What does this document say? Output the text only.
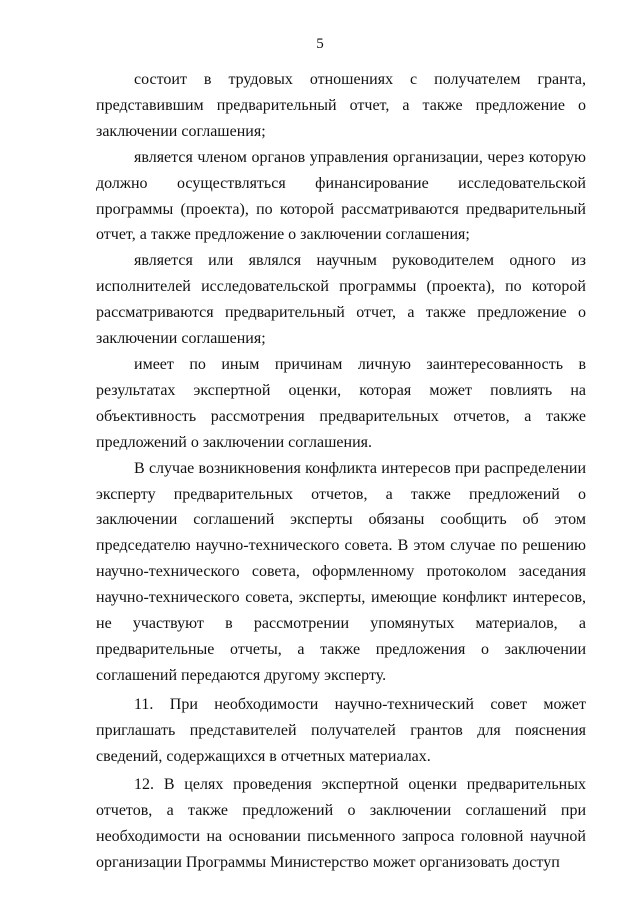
5

состоит в трудовых отношениях с получателем гранта, представившим предварительный отчет, а также предложение о заключении соглашения;

является членом органов управления организации, через которую должно осуществляться финансирование исследовательской программы (проекта), по которой рассматриваются предварительный отчет, а также предложение о заключении соглашения;

является или являлся научным руководителем одного из исполнителей исследовательской программы (проекта), по которой рассматриваются предварительный отчет, а также предложение о заключении соглашения;

имеет по иным причинам личную заинтересованность в результатах экспертной оценки, которая может повлиять на объективность рассмотрения предварительных отчетов, а также предложений о заключении соглашения.

В случае возникновения конфликта интересов при распределении эксперту предварительных отчетов, а также предложений о заключении соглашений эксперты обязаны сообщить об этом председателю научно-технического совета. В этом случае по решению научно-технического совета, оформленному протоколом заседания научно-технического совета, эксперты, имеющие конфликт интересов, не участвуют в рассмотрении упомянутых материалов, а предварительные отчеты, а также предложения о заключении соглашений передаются другому эксперту.

11. При необходимости научно-технический совет может приглашать представителей получателей грантов для пояснения сведений, содержащихся в отчетных материалах.

12. В целях проведения экспертной оценки предварительных отчетов, а также предложений о заключении соглашений при необходимости на основании письменного запроса головной научной организации Программы Министерство может организовать доступ
